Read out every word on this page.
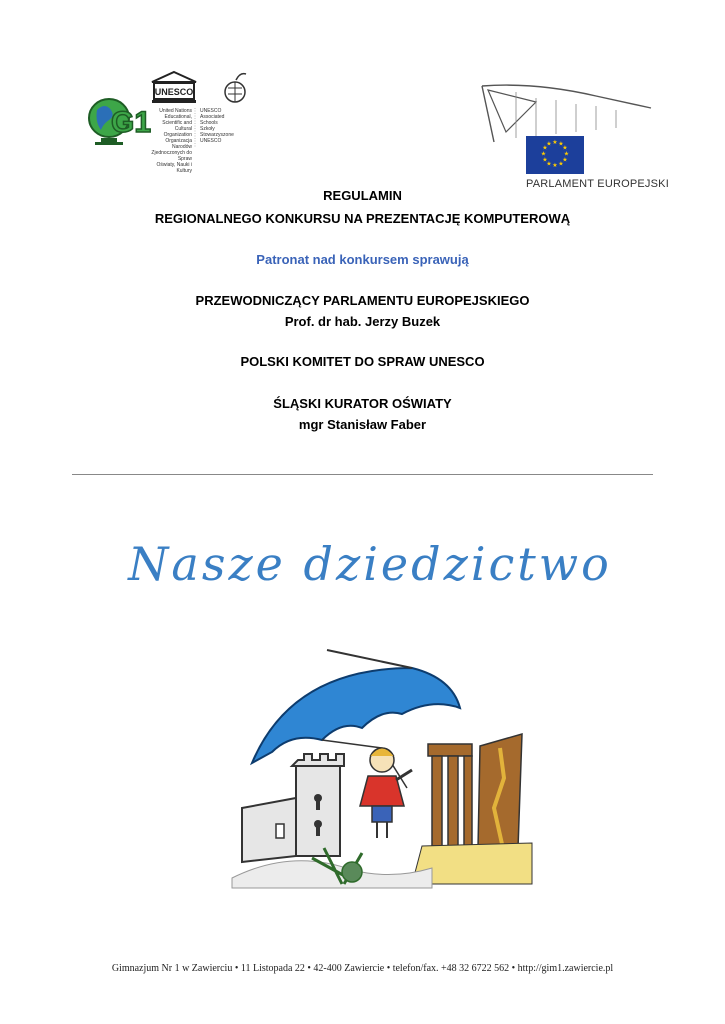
G1
UNESCO
United Nations
Educational, Scientific and
Cultural Organization
Organizacja Narodów
Zjednoczonych do Spraw
Oświaty, Nauki i Kultury
UNESCO
Associated
Schools
Szkoły
Stowarzyszone
UNESCO	★ ★
★
★
★
★
★
★
★
★
★
★
PARLAMENT EUROPEJSKI
REGULAMIN
REGIONALNEGO KONKURSU NA PREZENTACJĘ KOMPUTEROWĄ
Patronat nad konkursem sprawują
PRZEWODNICZĄCY PARLAMENTU EUROPEJSKIEGO
Prof. dr hab. Jerzy Buzek
POLSKI KOMITET DO SPRAW UNESCO
ŚLĄSKI KURATOR OŚWIATY
mgr Stanisław Faber
Nasze dziedzictwo
Gimnazjum Nr 1 w Zawierciu • 11 Listopada 22 • 42-400 Zawiercie • telefon/fax. +48 32 6722 562 • http://gim1.zawiercie.pl
